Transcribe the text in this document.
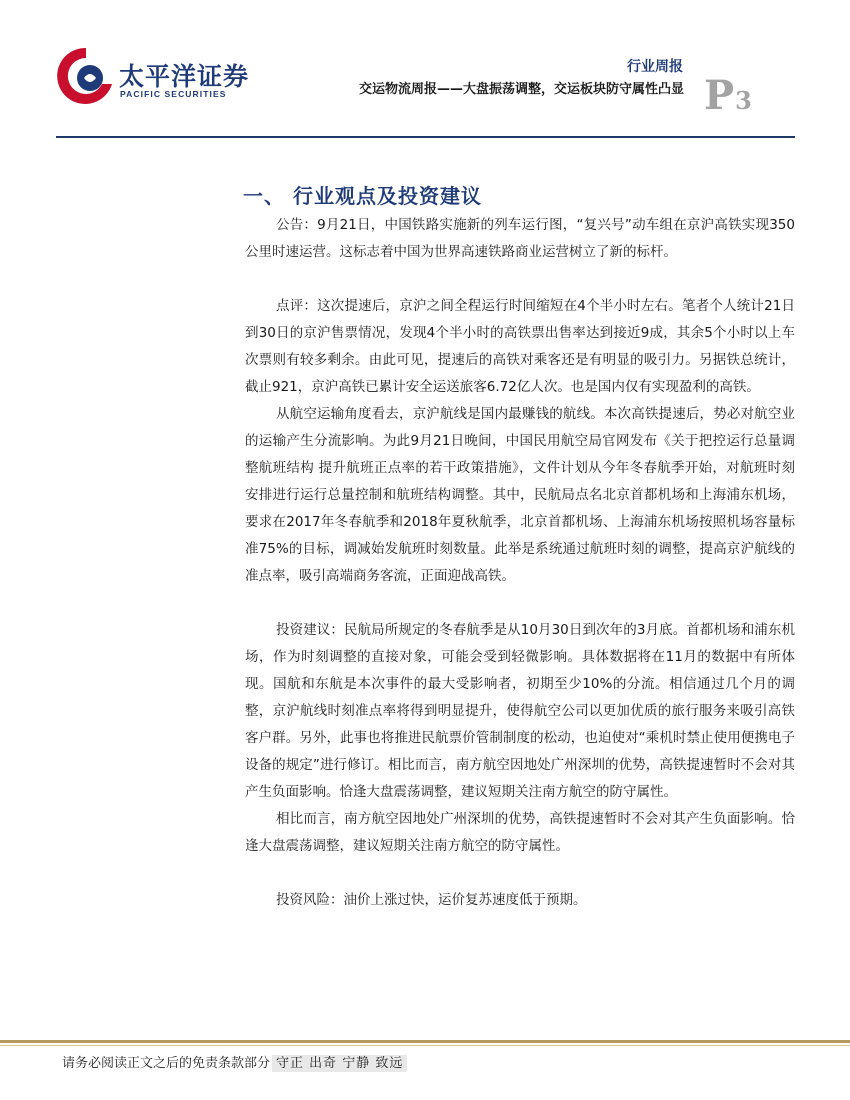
太平洋证券
PACIFIC SECURITIES
行业周报
交运物流周报——大盘振荡调整，交运板块防守属性凸显 P3
一、 行业观点及投资建议

公告：9月21日，中国铁路实施新的列车运行图，“复兴号”动车组在京沪高铁实现350公里时速运营。这标志着中国为世界高速铁路商业运营树立了新的标杆。

点评：这次提速后，京沪之间全程运行时间缩短在4个半小时左右。笔者个人统计21日到30日的京沪售票情况，发现4个半小时的高铁票出售率达到接近9成，其余5个小时以上车次票则有较多剩余。由此可见，提速后的高铁对乘客还是有明显的吸引力。另据铁总统计，截止921，京沪高铁已累计安全运送旅客6.72亿人次。也是国内仅有实现盈利的高铁。

从航空运输角度看去，京沪航线是国内最赚钱的航线。本次高铁提速后，势必对航空业的运输产生分流影响。为此9月21日晚间，中国民用航空局官网发布《关于把控运行总量调整航班结构 提升航班正点率的若干政策措施》，文件计划从今年冬春航季开始，对航班时刻安排进行运行总量控制和航班结构调整。其中，民航局点名北京首都机场和上海浦东机场，要求在2017年冬春航季和2018年夏秋航季，北京首都机场、上海浦东机场按照机场容量标准75%的目标，调减始发航班时刻数量。此举是系统通过航班时刻的调整，提高京沪航线的准点率，吸引高端商务客流，正面迎战高铁。

投资建议：民航局所规定的冬春航季是从10月30日到次年的3月底。首都机场和浦东机场，作为时刻调整的直接对象，可能会受到轻微影响。具体数据将在11月的数据中有所体现。国航和东航是本次事件的最大受影响者，初期至少10%的分流。相信通过几个月的调整，京沪航线时刻准点率将得到明显提升，使得航空公司以更加优质的旅行服务来吸引高铁客户群。另外，此事也将推进民航票价管制制度的松动，也迫使对“乘机时禁止使用便携电子设备的规定”进行修订。相比而言，南方航空因地处广州深圳的优势，高铁提速暂时不会对其产生负面影响。恰逢大盘震荡调整，建议短期关注南方航空的防守属性。

相比而言，南方航空因地处广州深圳的优势，高铁提速暂时不会对其产生负面影响。恰逢大盘震荡调整，建议短期关注南方航空的防守属性。

投资风险：油价上涨过快，运价复苏速度低于预期。

请务必阅读正文之后的免责条款部分 守正 出奇 宁静 致远
